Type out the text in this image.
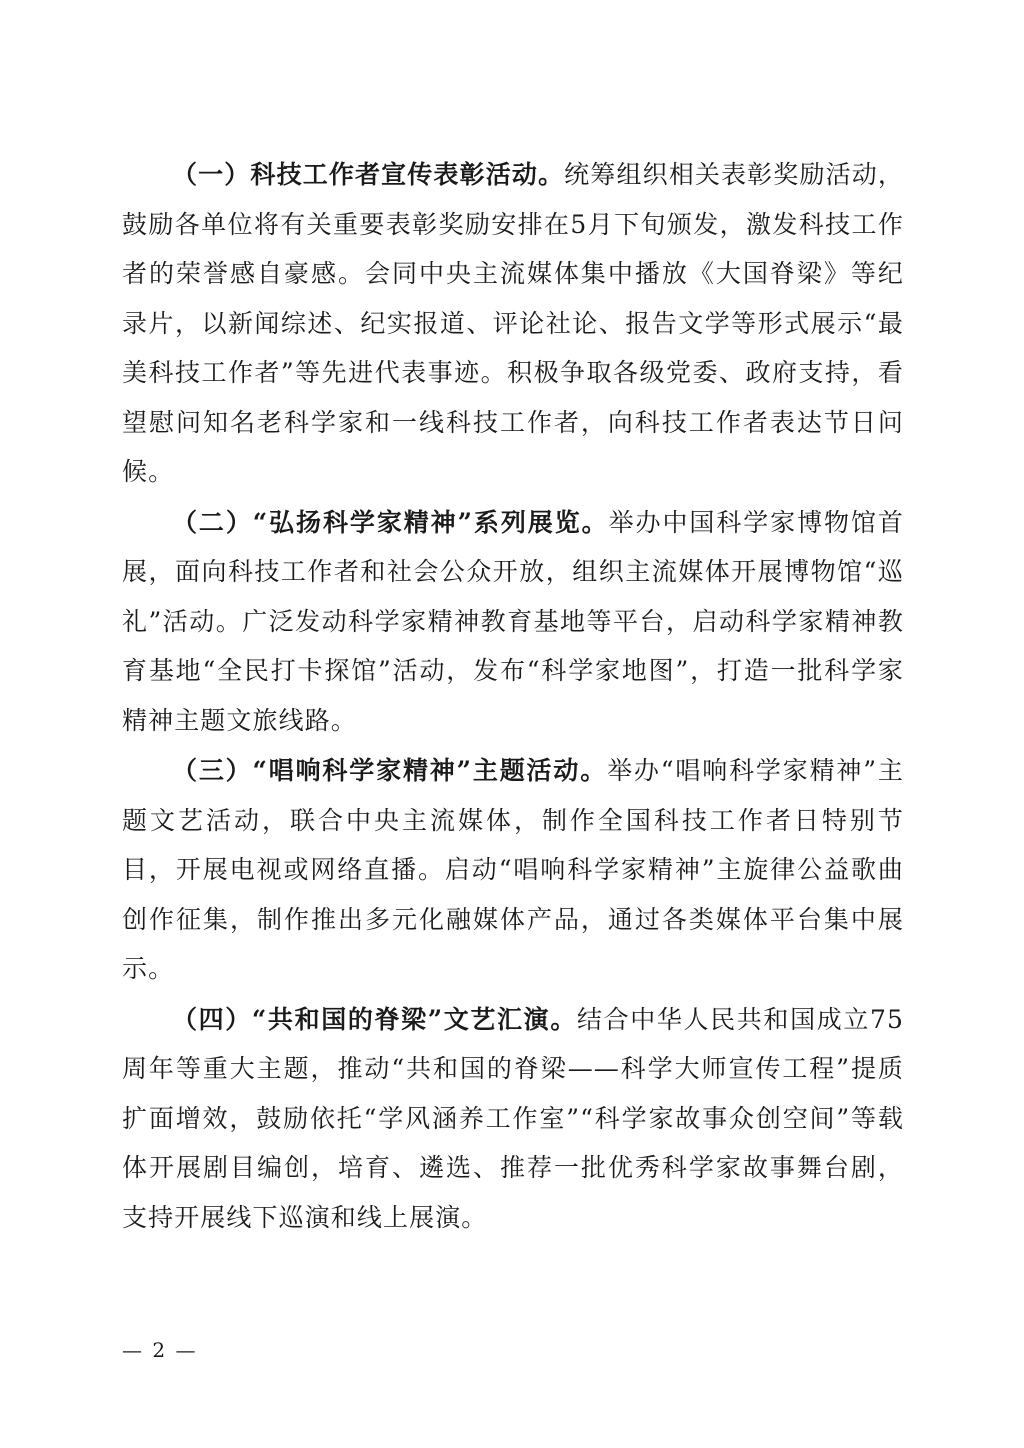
（一）科技工作者宣传表彰活动。统筹组织相关表彰奖励活动，鼓励各单位将有关重要表彰奖励安排在5月下旬颁发，激发科技工作者的荣誉感自豪感。会同中央主流媒体集中播放《大国脊梁》等纪录片，以新闻综述、纪实报道、评论社论、报告文学等形式展示“最美科技工作者”等先进代表事迹。积极争取各级党委、政府支持，看望慰问知名老科学家和一线科技工作者，向科技工作者表达节日问候。

（二）“弘扬科学家精神”系列展览。举办中国科学家博物馆首展，面向科技工作者和社会公众开放，组织主流媒体开展博物馆“巡礼”活动。广泛发动科学家精神教育基地等平台，启动科学家精神教育基地“全民打卡探馆”活动，发布“科学家地图”，打造一批科学家精神主题文旅线路。

（三）“唱响科学家精神”主题活动。举办“唱响科学家精神”主题文艺活动，联合中央主流媒体，制作全国科技工作者日特别节目，开展电视或网络直播。启动“唱响科学家精神”主旋律公益歌曲创作征集，制作推出多元化融媒体产品，通过各类媒体平台集中展示。

（四）“共和国的脊梁”文艺汇演。结合中华人民共和国成立75周年等重大主题，推动“共和国的脊梁——科学大师宣传工程”提质扩面增效，鼓励依托“学风涵养工作室”“科学家故事众创空间”等载体开展剧目编创，培育、遴选、推荐一批优秀科学家故事舞台剧，支持开展线下巡演和线上展演。

— 2 —
